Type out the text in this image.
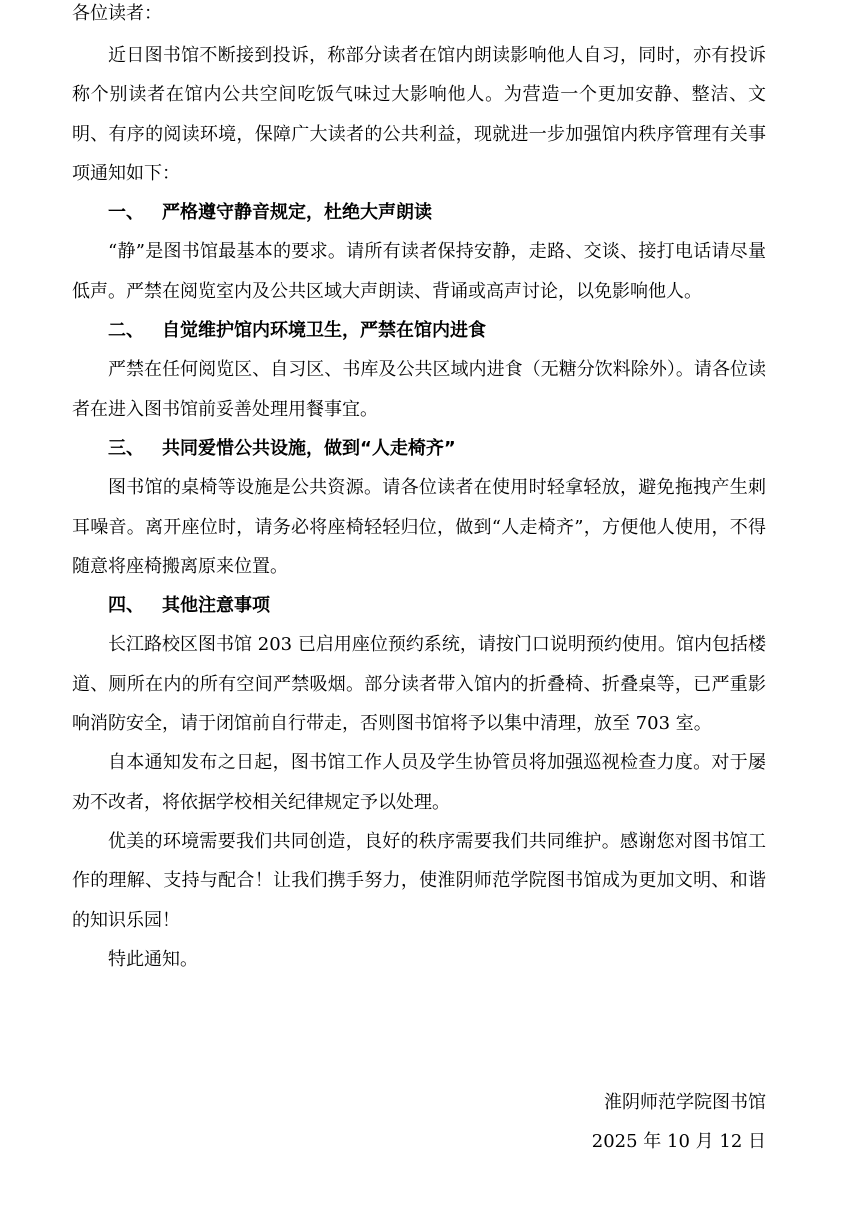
各位读者：

近日图书馆不断接到投诉，称部分读者在馆内朗读影响他人自习，同时，亦有投诉称个别读者在馆内公共空间吃饭气味过大影响他人。为营造一个更加安静、整洁、文明、有序的阅读环境，保障广大读者的公共利益，现就进一步加强馆内秩序管理有关事项通知如下：

一、 严格遵守静音规定，杜绝大声朗读

“静”是图书馆最基本的要求。请所有读者保持安静，走路、交谈、接打电话请尽量低声。严禁在阅览室内及公共区域大声朗读、背诵或高声讨论，以免影响他人。

二、 自觉维护馆内环境卫生，严禁在馆内进食

严禁在任何阅览区、自习区、书库及公共区域内进食（无糖分饮料除外）。请各位读者在进入图书馆前妥善处理用餐事宜。

三、 共同爱惜公共设施，做到“人走椅齐”

图书馆的桌椅等设施是公共资源。请各位读者在使用时轻拿轻放，避免拖拽产生刺耳噪音。离开座位时，请务必将座椅轻轻归位，做到“人走椅齐”，方便他人使用，不得随意将座椅搬离原来位置。

四、 其他注意事项

长江路校区图书馆 203 已启用座位预约系统，请按门口说明预约使用。馆内包括楼道、厕所在内的所有空间严禁吸烟。部分读者带入馆内的折叠椅、折叠桌等，已严重影响消防安全，请于闭馆前自行带走，否则图书馆将予以集中清理，放至 703 室。

自本通知发布之日起，图书馆工作人员及学生协管员将加强巡视检查力度。对于屡劝不改者，将依据学校相关纪律规定予以处理。

优美的环境需要我们共同创造，良好的秩序需要我们共同维护。感谢您对图书馆工作的理解、支持与配合！让我们携手努力，使淮阴师范学院图书馆成为更加文明、和谐的知识乐园！

特此通知。

淮阴师范学院图书馆
2025 年 10 月 12 日
